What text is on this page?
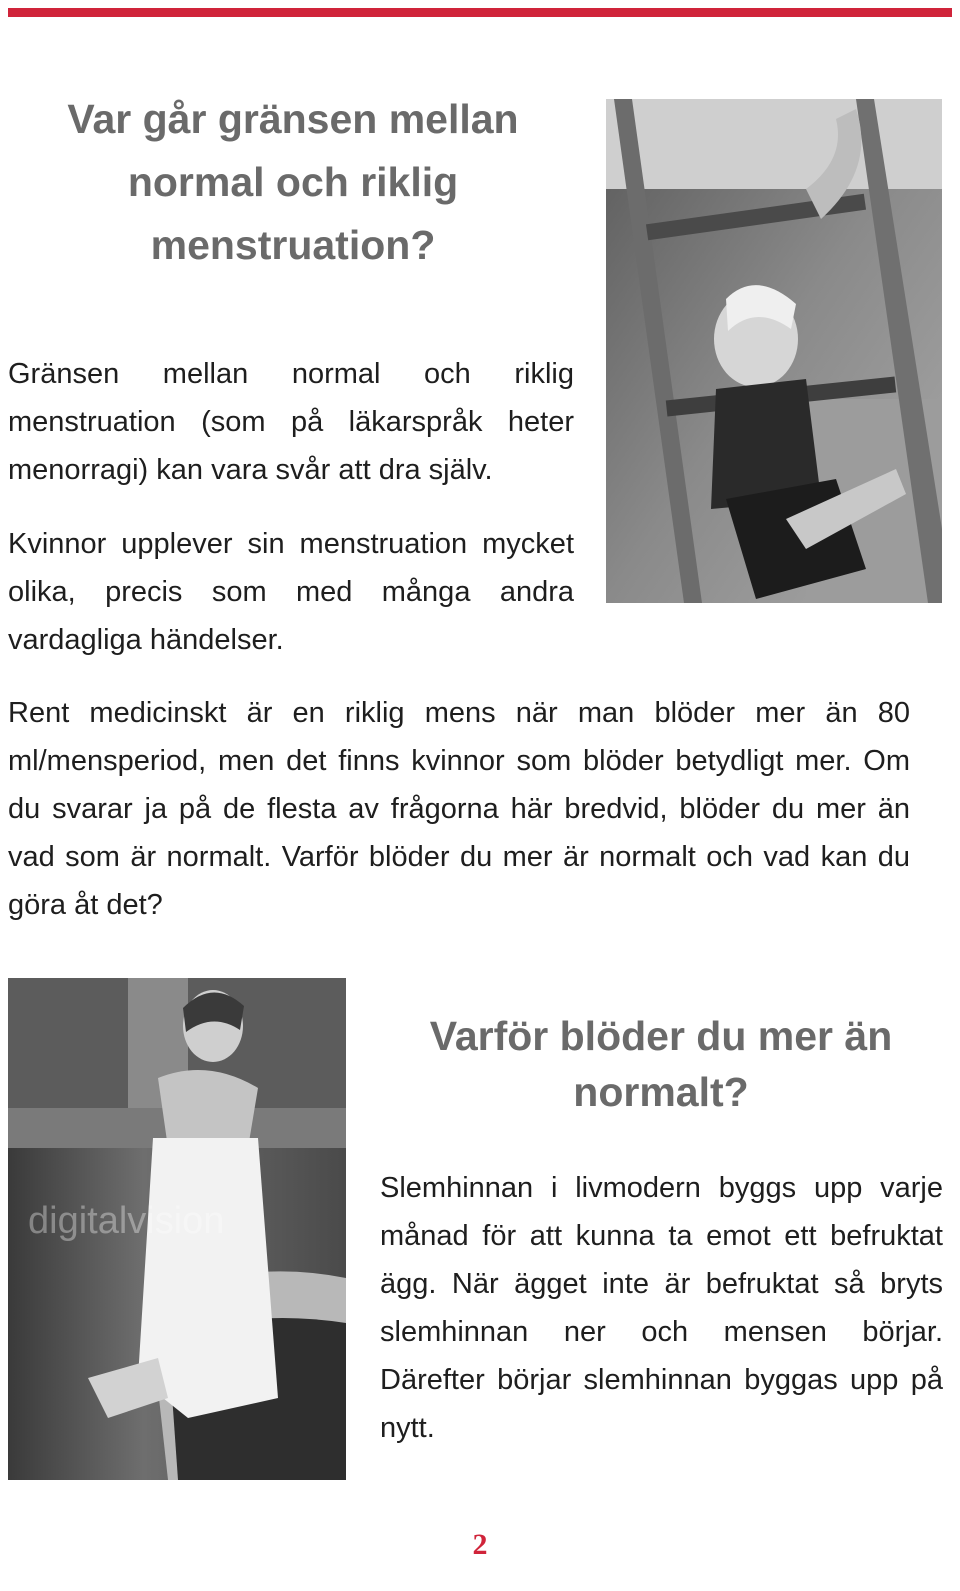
Var går gränsen mellan normal och riklig menstruation?

Gränsen mellan normal och riklig menstruation (som på läkarspråk heter menorragi) kan vara svår att dra själv.

Kvinnor upplever sin menstruation mycket olika, precis som med många andra vardagliga händelser.

Rent medicinskt är en riklig mens när man blöder mer än 80 ml/mensperiod, men det finns kvinnor som blöder betydligt mer. Om du svarar ja på de flesta av frågorna här bredvid, blöder du mer än vad som är normalt. Varför blöder du mer är normalt och vad kan du göra åt det?

digitalvision
Varför blöder du mer än normalt?

Slemhinnan i livmodern byggs upp varje månad för att kunna ta emot ett befruktat ägg. När ägget inte är befruktat så bryts slemhinnan ner och mensen börjar. Därefter börjar slemhinnan byggas upp på nytt.

2
